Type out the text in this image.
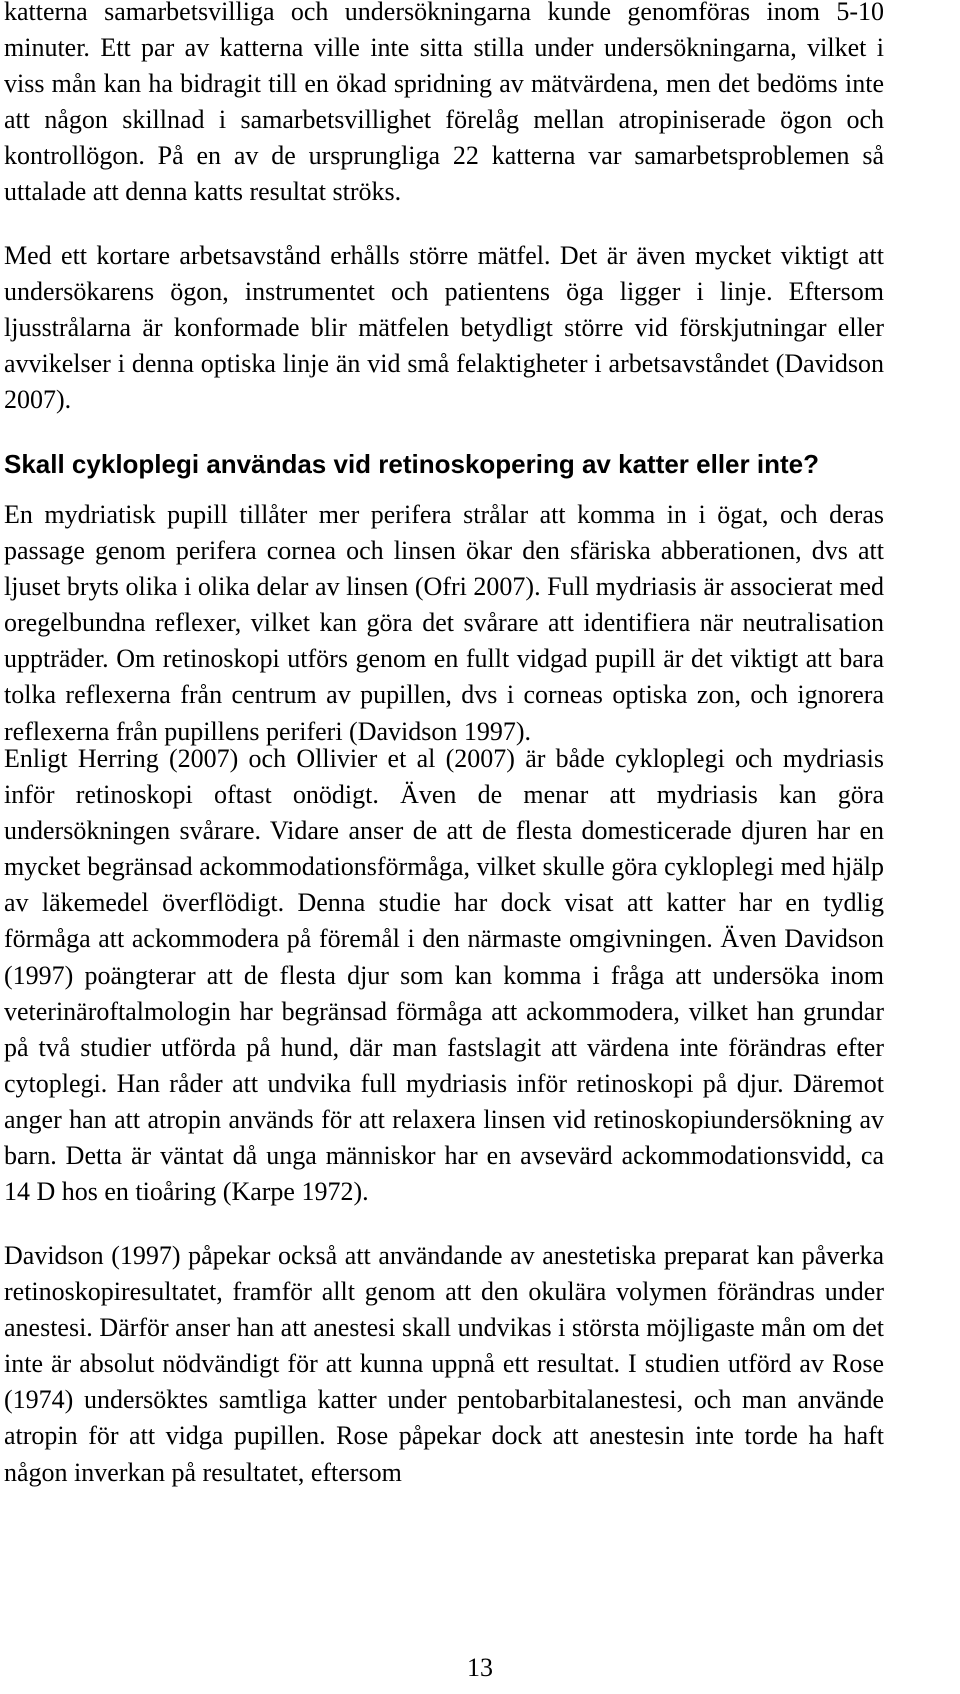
katterna samarbetsvilliga och undersökningarna kunde genomföras inom 5-10 minuter. Ett par av katterna ville inte sitta stilla under undersökningarna, vilket i viss mån kan ha bidragit till en ökad spridning av mätvärdena, men det bedöms inte att någon skillnad i samarbetsvillighet förelåg mellan atropiniserade ögon och kontrollögon. På en av de ursprungliga 22 katterna var samarbetsproblemen så uttalade att denna katts resultat ströks.

Med ett kortare arbetsavstånd erhålls större mätfel. Det är även mycket viktigt att undersökarens ögon, instrumentet och patientens öga ligger i linje. Eftersom ljusstrålarna är konformade blir mätfelen betydligt större vid förskjutningar eller avvikelser i denna optiska linje än vid små felaktigheter i arbetsavståndet (Davidson 2007).

Skall cykloplegi användas vid retinoskopering av katter eller inte?

En mydriatisk pupill tillåter mer perifera strålar att komma in i ögat, och deras passage genom perifera cornea och linsen ökar den sfäriska abberationen, dvs att ljuset bryts olika i olika delar av linsen (Ofri 2007). Full mydriasis är associerat med oregelbundna reflexer, vilket kan göra det svårare att identifiera när neutralisation uppträder. Om retinoskopi utförs genom en fullt vidgad pupill är det viktigt att bara tolka reflexerna från centrum av pupillen, dvs i corneas optiska zon, och ignorera reflexerna från pupillens periferi (Davidson 1997).

Enligt Herring (2007) och Ollivier et al (2007) är både cykloplegi och mydriasis inför retinoskopi oftast onödigt. Även de menar att mydriasis kan göra undersökningen svårare. Vidare anser de att de flesta domesticerade djuren har en mycket begränsad ackommodationsförmåga, vilket skulle göra cykloplegi med hjälp av läkemedel överflödigt. Denna studie har dock visat att katter har en tydlig förmåga att ackommodera på föremål i den närmaste omgivningen. Även Davidson (1997) poängterar att de flesta djur som kan komma i fråga att undersöka inom veterinäroftalmologin har begränsad förmåga att ackommodera, vilket han grundar på två studier utförda på hund, där man fastslagit att värdena inte förändras efter cytoplegi. Han råder att undvika full mydriasis inför retinoskopi på djur. Däremot anger han att atropin används för att relaxera linsen vid retinoskopiundersökning av barn. Detta är väntat då unga människor har en avsevärd ackommodationsvidd, ca 14 D hos en tioåring (Karpe 1972).

Davidson (1997) påpekar också att användande av anestetiska preparat kan påverka retinoskopiresultatet, framför allt genom att den okulära volymen förändras under anestesi. Därför anser han att anestesi skall undvikas i största möjligaste mån om det inte är absolut nödvändigt för att kunna uppnå ett resultat. I studien utförd av Rose (1974) undersöktes samtliga katter under pentobarbitalanestesi, och man använde atropin för att vidga pupillen. Rose påpekar dock att anestesin inte torde ha haft någon inverkan på resultatet, eftersom

13
